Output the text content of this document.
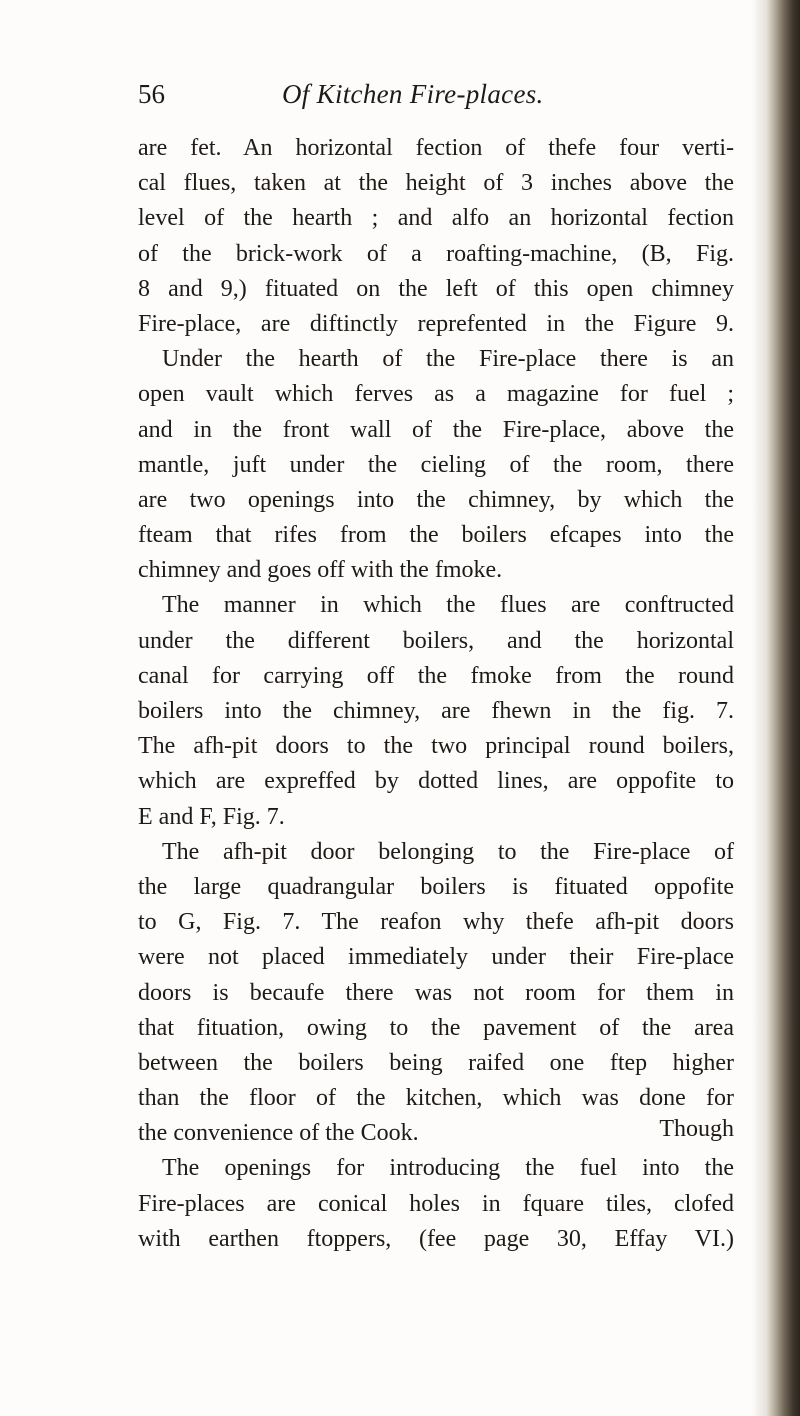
56	Of Kitchen Fire-places.
are fet. An horizontal fection of thefe four verti-
cal flues, taken at the height of 3 inches above the
level of the hearth ; and alfo an horizontal fection
of the brick-work of a roafting-machine, (B, Fig.
8 and 9,) fituated on the left of this open chimney
Fire-place, are diftinctly reprefented in the Figure 9.
Under the hearth of the Fire-place there is an
open vault which ferves as a magazine for fuel ;
and in the front wall of the Fire-place, above the
mantle, juft under the cieling of the room, there
are two openings into the chimney, by which the
fteam that rifes from the boilers efcapes into the
chimney and goes off with the fmoke.
The manner in which the flues are conftructed
under the different boilers, and the horizontal
canal for carrying off the fmoke from the round
boilers into the chimney, are fhewn in the fig. 7.
The afh-pit doors to the two principal round boilers,
which are expreffed by dotted lines, are oppofite to
E and F, Fig. 7.
The afh-pit door belonging to the Fire-place of
the large quadrangular boilers is fituated oppofite
to G, Fig. 7. The reafon why thefe afh-pit doors
were not placed immediately under their Fire-place
doors is becaufe there was not room for them in
that fituation, owing to the pavement of the area
between the boilers being raifed one ftep higher
than the floor of the kitchen, which was done for
the convenience of the Cook.
The openings for introducing the fuel into the
Fire-places are conical holes in fquare tiles, clofed
with earthen ftoppers, (fee page 30, Effay VI.)
Though
